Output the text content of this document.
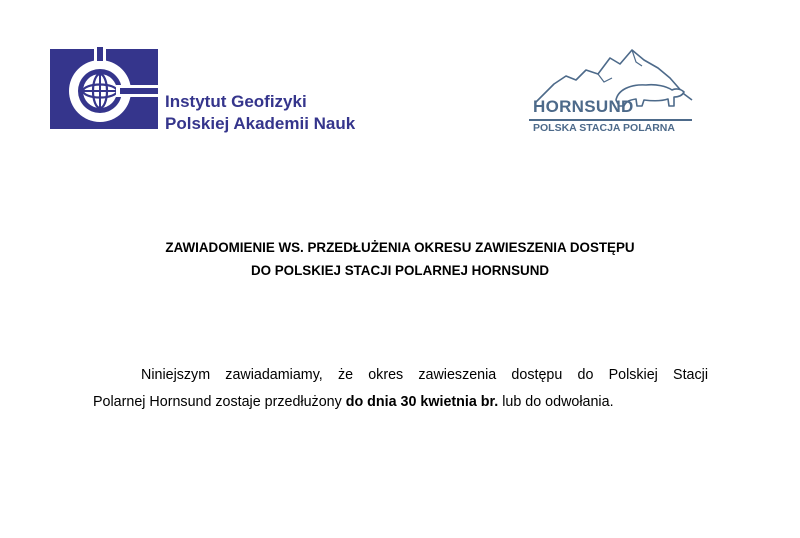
Instytut Geofizyki
Polskiej Akademii Nauk
HORNSUND
POLSKA STACJA POLARNA
ZAWIADOMIENIE WS. PRZEDŁUŻENIA OKRESU ZAWIESZENIA DOSTĘPU
DO POLSKIEJ STACJI POLARNEJ HORNSUND
Niniejszym zawiadamiamy, że okres zawieszenia dostępu do Polskiej Stacji
Polarnej Hornsund zostaje przedłużony do dnia 30 kwietnia br. lub do odwołania.
